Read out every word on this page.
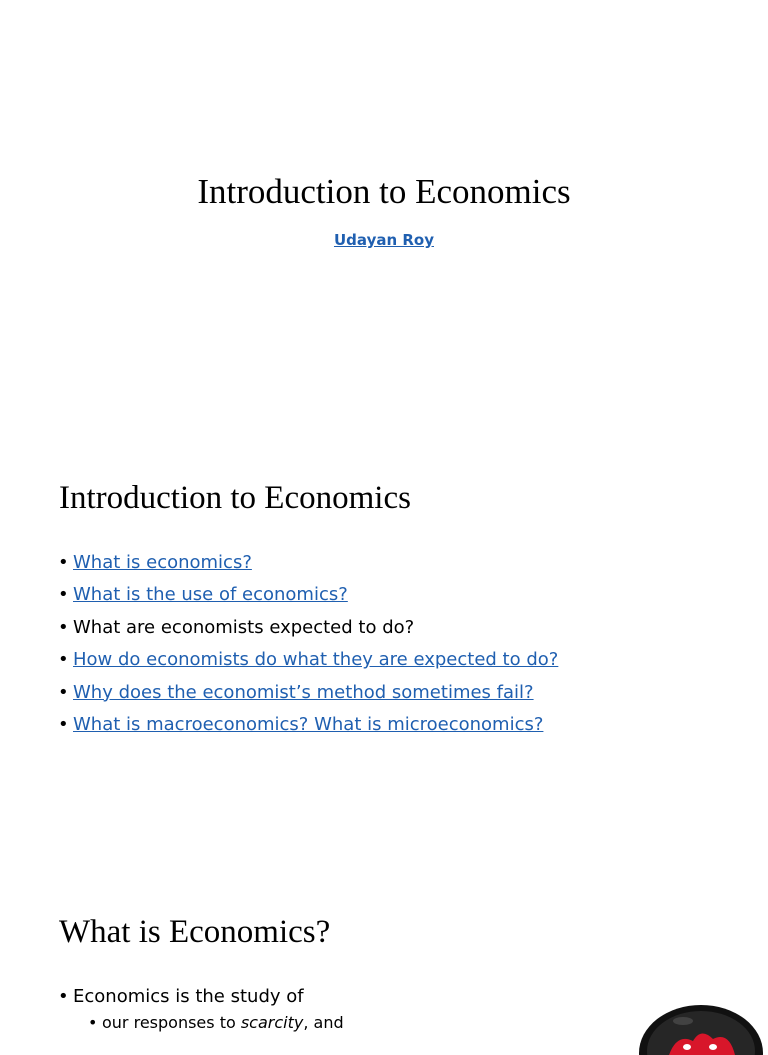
Introduction to Economics
Udayan Roy
Introduction to Economics
• What is economics?
• What is the use of economics?
• What are economists expected to do?
• How do economists do what they are expected to do?
• Why does the economist’s method sometimes fail?
• What is macroeconomics? What is microeconomics?
What is Economics?
• Economics is the study of
• our responses to scarcity, and
